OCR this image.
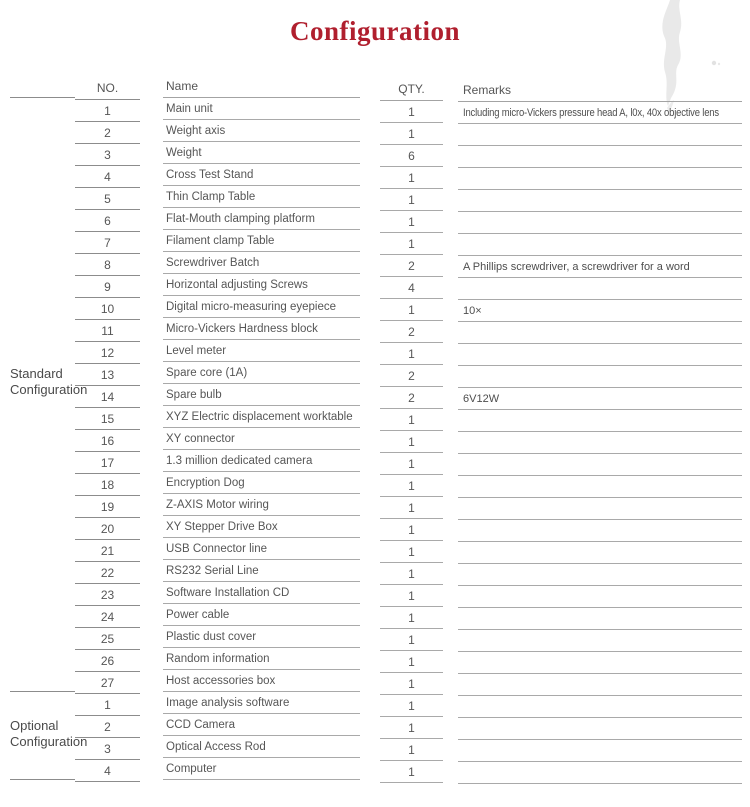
Configuration
Standard
Configuration
Optional
Configuration
NO.
1
2
3
4
5
6
7
8
9
10
11
12
13
14
15
16
17
18
19
20
21
22
23
24
25
26
27
1
2
3
4
Name
Main unit
Weight axis
Weight
Cross Test Stand
Thin Clamp Table
Flat-Mouth clamping platform
Filament clamp Table
Screwdriver Batch
Horizontal adjusting Screws
Digital micro-measuring eyepiece
Micro-Vickers Hardness block
Level meter
Spare core (1A)
Spare bulb
XYZ Electric displacement worktable
XY connector
1.3 million dedicated camera
Encryption Dog
Z-AXIS Motor wiring
XY Stepper Drive Box
USB Connector line
RS232 Serial Line
Software Installation CD
Power cable
Plastic dust cover
Random information
Host accessories box
Image analysis software
CCD Camera
Optical Access Rod
Computer
QTY.
1
1
6
1
1
1
1
2
4
1
2
1
2
2
1
1
1
1
1
1
1
1
1
1
1
1
1
1
1
1
1
Remarks
Including micro-Vickers pressure head A, l0x, 40x objective lens
A Phillips screwdriver, a screwdriver for a word
10×
6V12W
